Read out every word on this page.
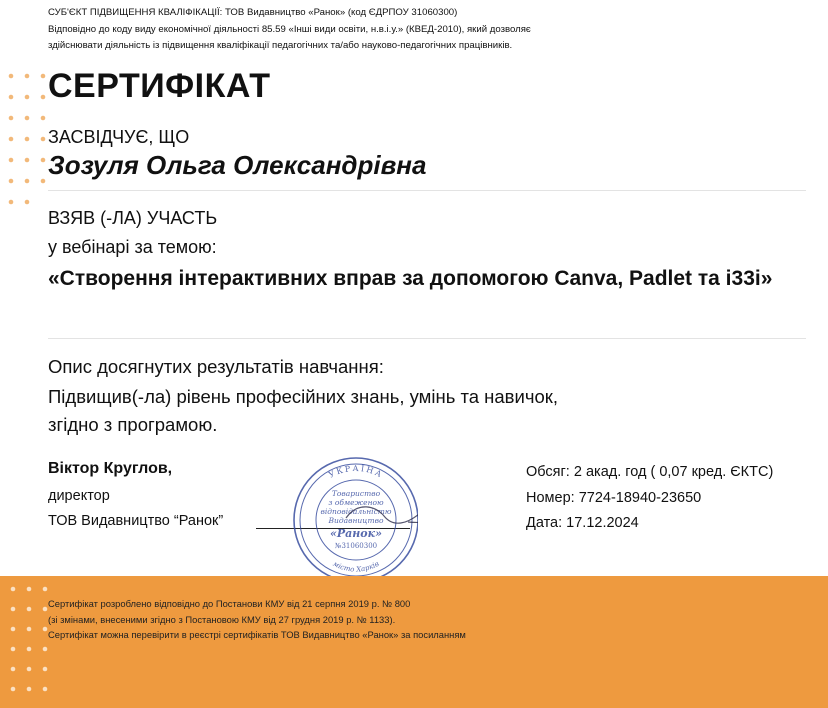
СУБ'ЄКТ ПІДВИЩЕННЯ КВАЛІФІКАЦІЇ: ТОВ Видавництво «Ранок» (код ЄДРПОУ 31060300)
Відповідно до коду виду економічної діяльності 85.59 «Інші види освіти, н.в.і.у.» (КВЕД-2010), який дозволяє
здійснювати діяльність із підвищення кваліфікації педагогічних та/або науково-педагогічних працівників.
СЕРТИФІКАТ
ЗАСВІДЧУЄ, ЩО
Зозуля Ольга Олександрівна
ВЗЯВ (-ЛА) УЧАСТЬ
у вебінарі за темою:
«Створення інтерактивних вправ за допомогою Canva, Padlet та і33і»
Опис досягнутих результатів навчання:
Підвищив(-ла) рівень професійних знань, умінь та навичок,
згідно з програмою.
Віктор Круглов,
директор
ТОВ Видавництво “Ранок”
УКРАЇНА
місто Харків
Товариство
з обмеженою
відповідальністю
Видавництво
«Ранок»
№31060300
Обсяг: 2 акад. год ( 0,07 кред. ЄКТС)
Номер: 7724-18940-23650
Дата: 17.12.2024
Сертифікат розроблено відповідно до Постанови КМУ від 21 серпня 2019 р. № 800
(зі змінами, внесеними згідно з Постановою КМУ від 27 грудня 2019 р. № 1133).
Сертифікат можна перевірити в реєстрі сертифікатів ТОВ Видавництво «Ранок» за посиланням
